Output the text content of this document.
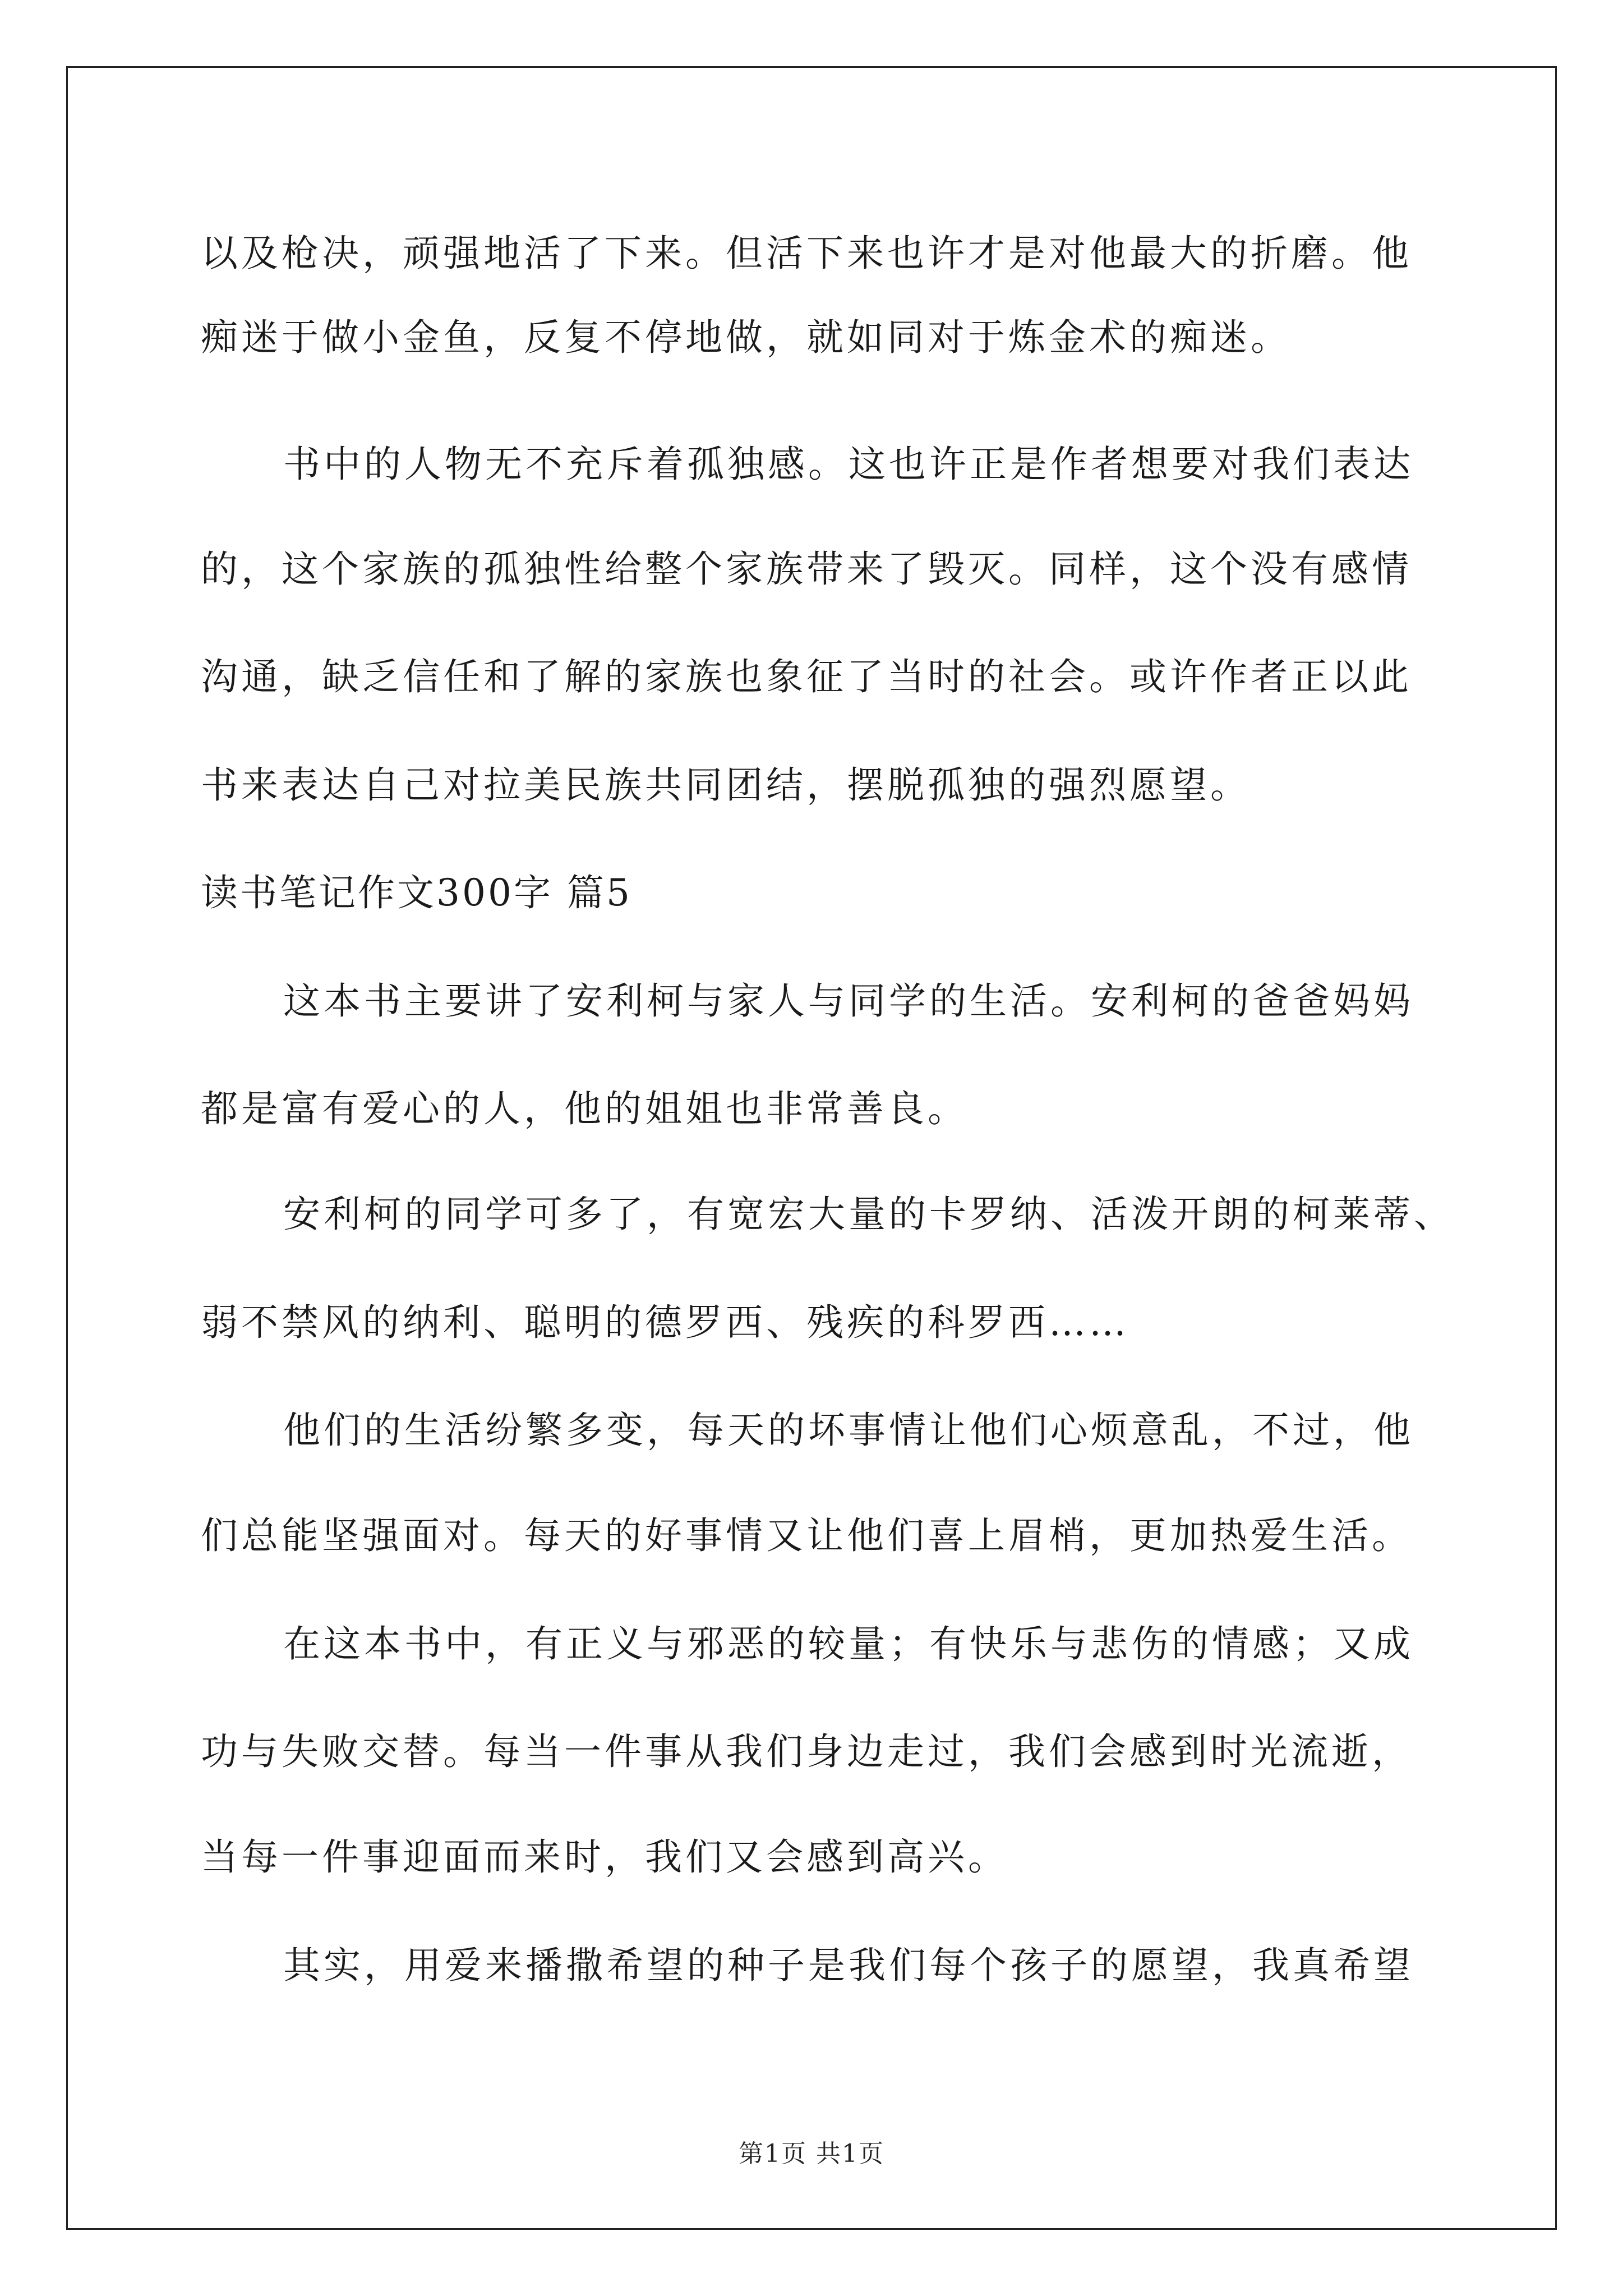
以及枪决，顽强地活了下来。但活下来也许才是对他最大的折磨。他
痴迷于做小金鱼，反复不停地做，就如同对于炼金术的痴迷。
书中的人物无不充斥着孤独感。这也许正是作者想要对我们表达
的，这个家族的孤独性给整个家族带来了毁灭。同样，这个没有感情
沟通，缺乏信任和了解的家族也象征了当时的社会。或许作者正以此
书来表达自己对拉美民族共同团结，摆脱孤独的强烈愿望。
读书笔记作文300字 篇5
这本书主要讲了安利柯与家人与同学的生活。安利柯的爸爸妈妈
都是富有爱心的人，他的姐姐也非常善良。
安利柯的同学可多了，有宽宏大量的卡罗纳、活泼开朗的柯莱蒂、
弱不禁风的纳利、聪明的德罗西、残疾的科罗西……
他们的生活纷繁多变，每天的坏事情让他们心烦意乱，不过，他
们总能坚强面对。每天的好事情又让他们喜上眉梢，更加热爱生活。
在这本书中，有正义与邪恶的较量；有快乐与悲伤的情感；又成
功与失败交替。每当一件事从我们身边走过，我们会感到时光流逝，
当每一件事迎面而来时，我们又会感到高兴。
其实，用爱来播撒希望的种子是我们每个孩子的愿望，我真希望
第1页 共1页
